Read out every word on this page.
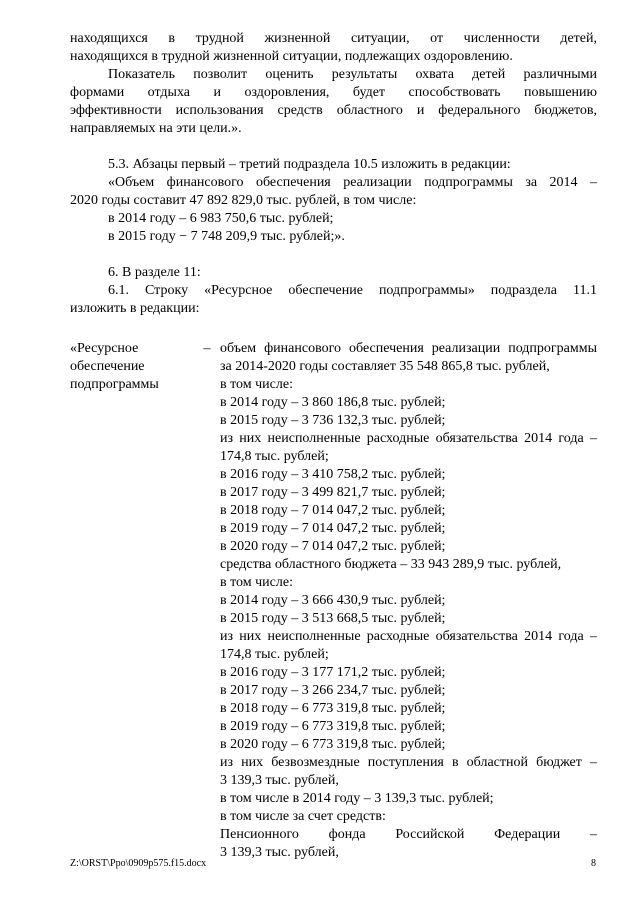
находящихся в трудной жизненной ситуации, от численности детей,

находящихся в трудной жизненной ситуации, подлежащих оздоровлению.

Показатель позволит оценить результаты охвата детей различными

формами отдыха и оздоровления, будет способствовать повышению

эффективности использования средств областного и федерального бюджетов,

направляемых на эти цели.».

5.3. Абзацы первый – третий подраздела 10.5 изложить в редакции:

«Объем финансового обеспечения реализации подпрограммы за 2014 –

2020 годы составит 47 892 829,0 тыс. рублей, в том числе:

в 2014 году – 6 983 750,6 тыс. рублей;

в 2015 году − 7 748 209,9 тыс. рублей;».

6. В разделе 11:

6.1. Строку «Ресурсное обеспечение подпрограммы» подраздела 11.1

изложить в редакции:

«Ресурсное

обеспечение

подпрограммы

– объем финансового обеспечения реализации подпрограммы

за 2014-2020 годы составляет 35 548 865,8 тыс. рублей,

в том числе:

в 2014 году – 3 860 186,8 тыс. рублей;

в 2015 году – 3 736 132,3 тыс. рублей;

из них неисполненные расходные обязательства 2014 года –

174,8 тыс. рублей;

в 2016 году – 3 410 758,2 тыс. рублей;

в 2017 году – 3 499 821,7 тыс. рублей;

в 2018 году – 7 014 047,2 тыс. рублей;

в 2019 году – 7 014 047,2 тыс. рублей;

в 2020 году – 7 014 047,2 тыс. рублей;

средства областного бюджета – 33 943 289,9 тыс. рублей,

в том числе:

в 2014 году – 3 666 430,9 тыс. рублей;

в 2015 году – 3 513 668,5 тыс. рублей;

из них неисполненные расходные обязательства 2014 года –

174,8 тыс. рублей;

в 2016 году – 3 177 171,2 тыс. рублей;

в 2017 году – 3 266 234,7 тыс. рублей;

в 2018 году – 6 773 319,8 тыс. рублей;

в 2019 году – 6 773 319,8 тыс. рублей;

в 2020 году – 6 773 319,8 тыс. рублей;

из них безвозмездные поступления в областной бюджет –

3 139,3 тыс. рублей,

в том числе в 2014 году – 3 139,3 тыс. рублей;

в том числе за счет средств:

Пенсионного фонда Российской Федерации –

3 139,3 тыс. рублей,

Z:\ORST\Ppo\0909p575.f15.docx	8
